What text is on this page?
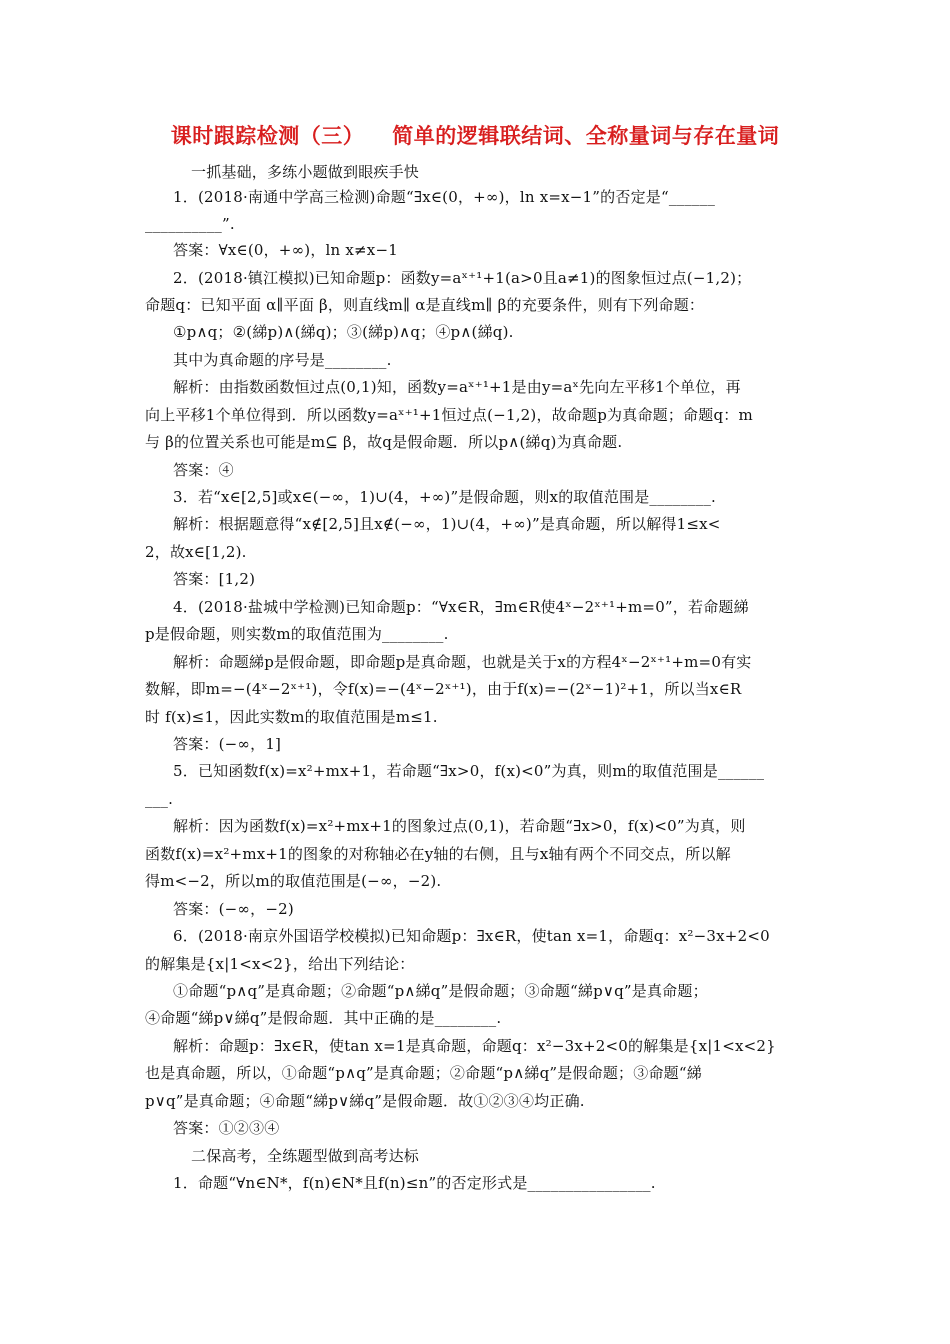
课时跟踪检测（三） 简单的逻辑联结词、全称量词与存在量词
一抓基础，多练小题做到眼疾手快
1．(2018·南通中学高三检测)命题“∃x∈(0，+∞)，ln x=x−1”的否定是“______
__________”.
答案：∀x∈(0，+∞)，ln x≠x−1
2．(2018·镇江模拟)已知命题p：函数y=aˣ⁺¹+1(a>0且a≠1)的图象恒过点(−1,2)；
命题q：已知平面 α∥平面 β，则直线m∥ α是直线m∥ β的充要条件，则有下列命题：
①p∧q；②(綈p)∧(綈q)；③(綈p)∧q；④p∧(綈q).
其中为真命题的序号是________.
解析：由指数函数恒过点(0,1)知，函数y=aˣ⁺¹+1是由y=aˣ先向左平移1个单位，再
向上平移1个单位得到．所以函数y=aˣ⁺¹+1恒过点(−1,2)，故命题p为真命题；命题q：m
与 β的位置关系也可能是m⊆ β，故q是假命题．所以p∧(綈q)为真命题.
答案：④
3．若“x∈[2,5]或x∈(−∞，1)∪(4，+∞)”是假命题，则x的取值范围是________.
解析：根据题意得“x∉[2,5]且x∉(−∞，1)∪(4，+∞)”是真命题，所以解得1≤x<
2，故x∈[1,2).
答案：[1,2)
4．(2018·盐城中学检测)已知命题p：“∀x∈R，∃m∈R使4ˣ−2ˣ⁺¹+m=0”，若命题綈
p是假命题，则实数m的取值范围为________.
解析：命题綈p是假命题，即命题p是真命题，也就是关于x的方程4ˣ−2ˣ⁺¹+m=0有实
数解，即m=−(4ˣ−2ˣ⁺¹)，令f(x)=−(4ˣ−2ˣ⁺¹)，由于f(x)=−(2ˣ−1)²+1，所以当x∈R
时 f(x)≤1，因此实数m的取值范围是m≤1.
答案：(−∞，1]
5．已知函数f(x)=x²+mx+1，若命题“∃x>0，f(x)<0”为真，则m的取值范围是______
___.
解析：因为函数f(x)=x²+mx+1的图象过点(0,1)，若命题“∃x>0，f(x)<0”为真，则
函数f(x)=x²+mx+1的图象的对称轴必在y轴的右侧，且与x轴有两个不同交点，所以解
得m<−2，所以m的取值范围是(−∞，−2).
答案：(−∞，−2)
6．(2018·南京外国语学校模拟)已知命题p：∃x∈R，使tan x=1，命题q：x²−3x+2<0
的解集是{x|1<x<2}，给出下列结论：
①命题“p∧q”是真命题；②命题“p∧綈q”是假命题；③命题“綈p∨q”是真命题；
④命题“綈p∨綈q”是假命题．其中正确的是________.
解析：命题p：∃x∈R，使tan x=1是真命题，命题q：x²−3x+2<0的解集是{x|1<x<2}
也是真命题，所以，①命题“p∧q”是真命题；②命题“p∧綈q”是假命题；③命题“綈
p∨q”是真命题；④命题“綈p∨綈q”是假命题．故①②③④均正确.
答案：①②③④
二保高考，全练题型做到高考达标
1．命题“∀n∈N*，f(n)∈N*且f(n)≤n”的否定形式是________________.
